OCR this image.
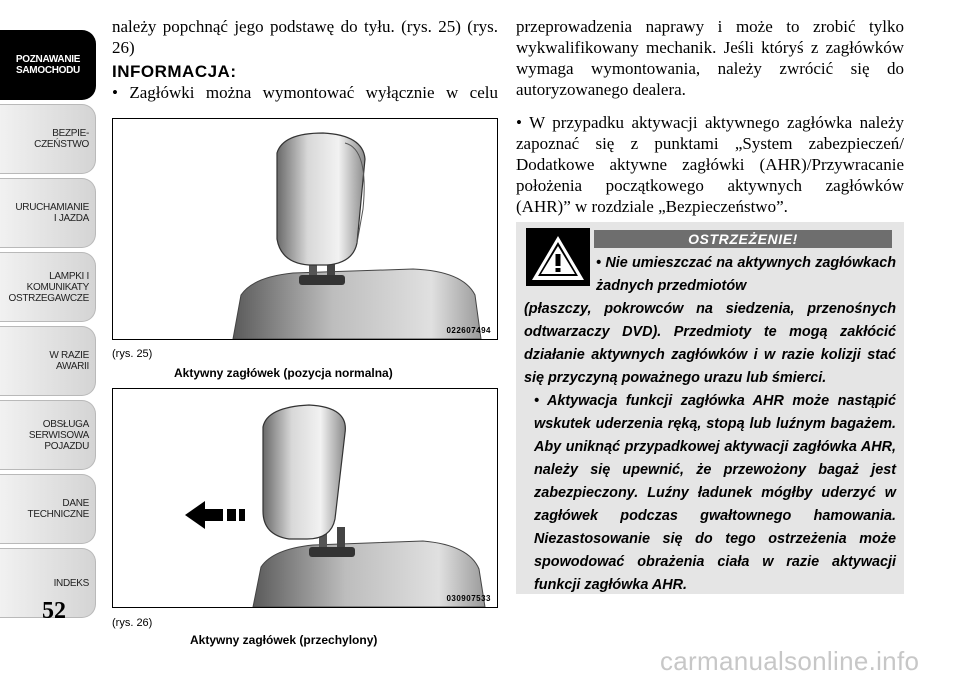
POZNAWANIE
SAMOCHODU
BEZPIE-
CZEŃSTWO
URUCHAMIANIE
I JAZDA
LAMPKI I
KOMUNIKATY
OSTRZEGAWCZE
W RAZIE
AWARII
OBSŁUGA
SERWISOWA
POJAZDU
DANE
TECHNICZNE
INDEKS
52
należy popchnąć jego podstawę do tyłu. (rys. 25) (rys. 26)
INFORMACJA:
• Zagłówki można wymontować wyłącznie w celu
022607494
(rys. 25)
Aktywny zagłówek (pozycja normalna)
030907533
(rys. 26)
Aktywny zagłówek (przechylony)
przeprowadzenia naprawy i może to zrobić tylko wykwalifikowany mechanik. Jeśli któryś z zagłówków wymaga wymontowania, należy zwrócić się do autoryzowanego dealera.
• W przypadku aktywacji aktywnego zagłówka należy zapoznać się z punktami „System zabezpieczeń/ Dodatkowe aktywne zagłówki (AHR)/Przywracanie położenia początkowego aktywnych zagłówków (AHR)” w rozdziale „Bezpieczeństwo”.
OSTRZEŻENIE!
• Nie umieszczać na aktywnych zagłówkach żadnych przedmiotów
(płaszczy, pokrowców na siedzenia, przenośnych odtwarzaczy DVD). Przedmioty te mogą zakłócić działanie aktywnych zagłówków i w razie kolizji stać się przyczyną poważnego urazu lub śmierci.
• Aktywacja funkcji zagłówka AHR może nastąpić wskutek uderzenia ręką, stopą lub luźnym bagażem. Aby uniknąć przypadkowej aktywacji zagłówka AHR, należy się upewnić, że przewożony bagaż jest zabezpieczony. Luźny ładunek mógłby uderzyć w zagłówek podczas gwałtownego hamowania. Niezastosowanie się do tego ostrzeżenia może spowodować obrażenia ciała w razie aktywacji funkcji zagłówka AHR.
carmanualsonline.info
